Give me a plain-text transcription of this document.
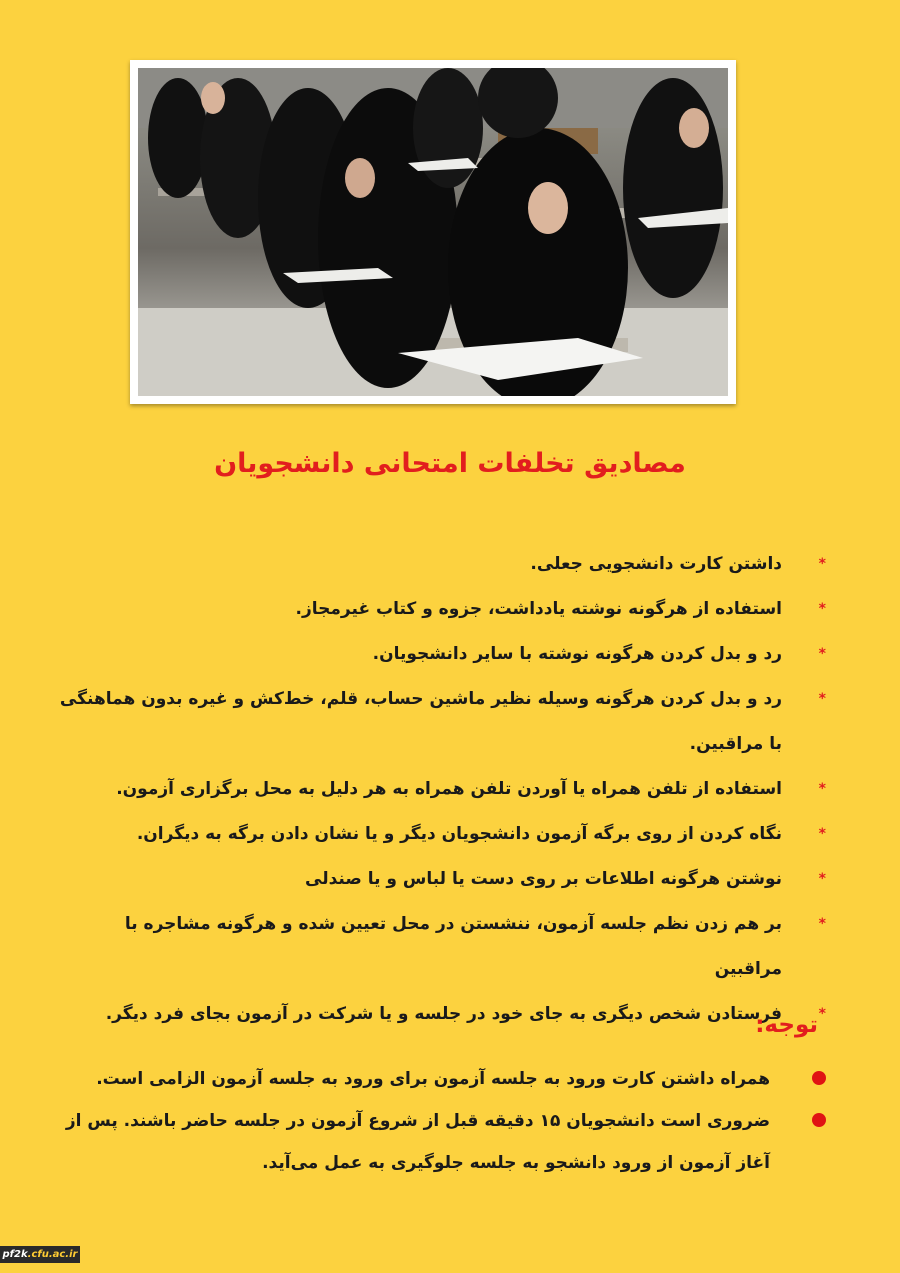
مصادیق تخلفات امتحانی دانشجویان
*
داشتن کارت دانشجویی جعلی.
*
استفاده از هرگونه نوشته یادداشت، جزوه و کتاب غیرمجاز.
*
رد و بدل کردن هرگونه نوشته با سایر دانشجویان.
*
رد و بدل کردن هرگونه وسیله نظیر ماشین حساب، قلم، خط‌کش و غیره بدون هماهنگی با مراقبین.
*
استفاده از تلفن همراه یا آوردن تلفن همراه به هر دلیل به محل برگزاری آزمون.
*
نگاه کردن از روی برگه آزمون دانشجویان دیگر و یا نشان دادن برگه به دیگران.
*
نوشتن هرگونه اطلاعات بر روی دست یا لباس و یا صندلی
*
بر هم زدن نظم جلسه آزمون، ننشستن در محل تعیین شده و هرگونه مشاجره با مراقبین
*
فرستادن شخص دیگری به جای خود در جلسه و یا شرکت در آزمون بجای فرد دیگر.
توجه:
همراه داشتن کارت ورود به جلسه آزمون برای ورود به جلسه آزمون الزامی است.
ضروری است دانشجویان ۱۵ دقیقه قبل از شروع آزمون در جلسه حاضر باشند. پس از آغاز آزمون از ورود دانشجو به جلسه جلوگیری به عمل می‌آید.
pf2k.cfu.ac.ir
